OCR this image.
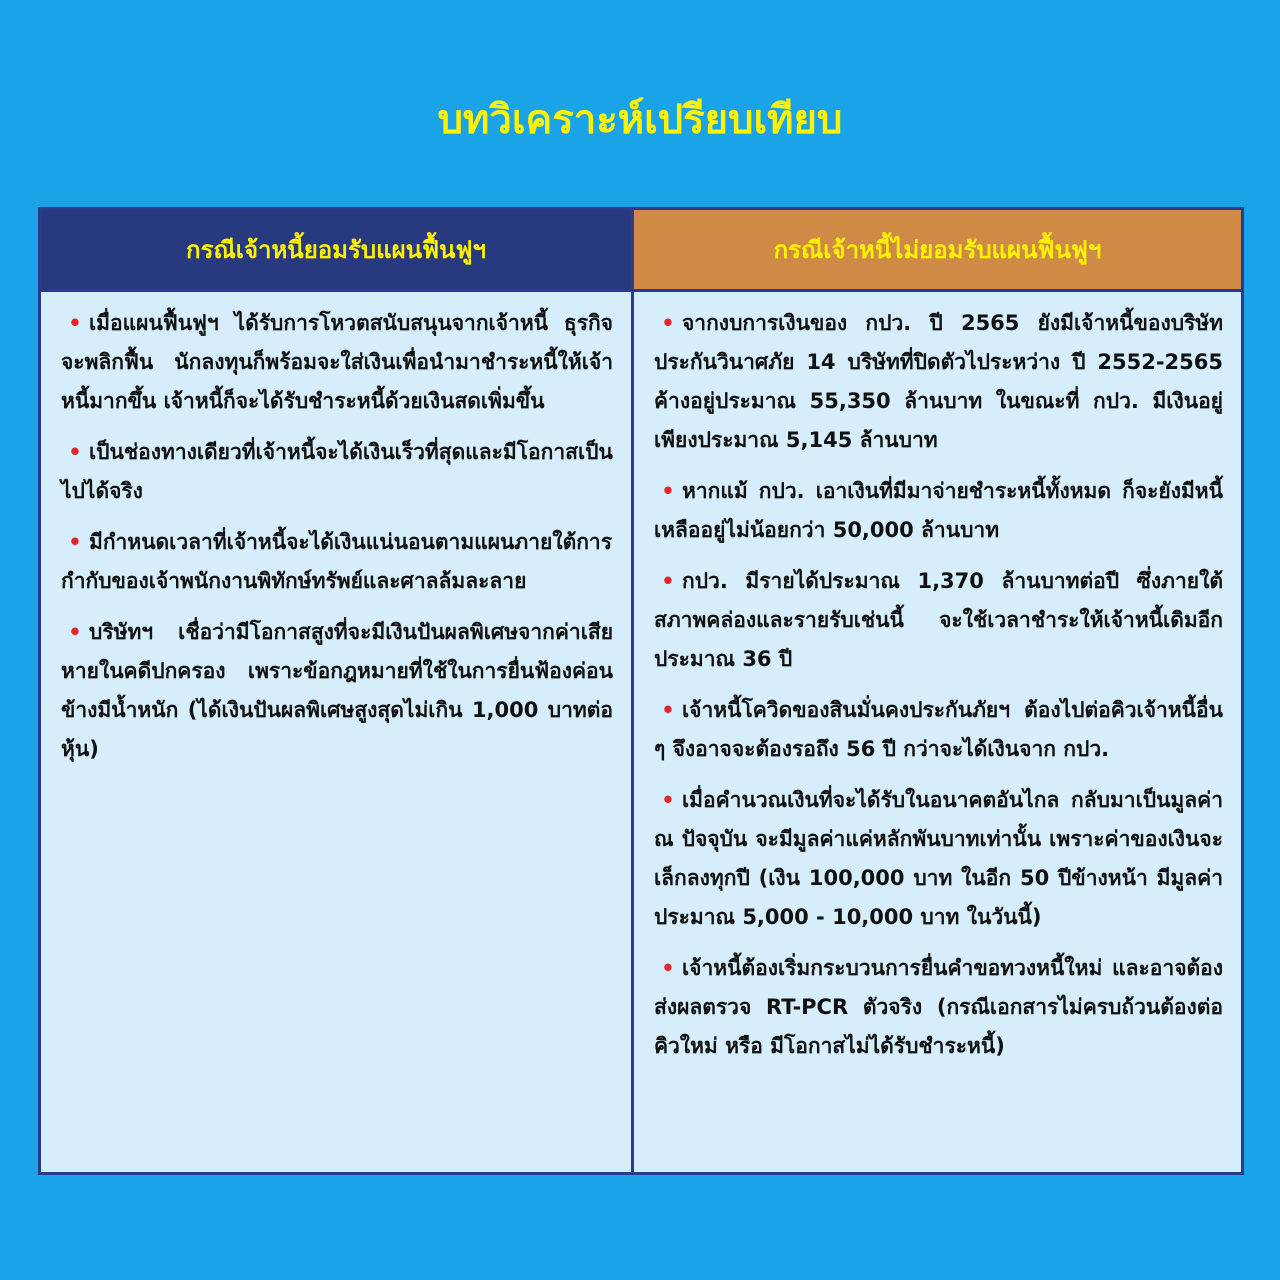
บทวิเคราะห์เปรียบเทียบ
กรณีเจ้าหนี้ยอมรับแผนฟื้นฟูฯ

• เมื่อแผนฟื้นฟูฯ ได้รับการโหวตสนับสนุนจากเจ้าหนี้ ธุรกิจจะพลิกฟื้น นักลงทุนก็พร้อมจะใส่เงินเพื่อนำมาชำระหนี้ให้เจ้าหนี้มากขึ้น เจ้าหนี้ก็จะได้รับชำระหนี้ด้วยเงินสดเพิ่มขึ้น

• เป็นช่องทางเดียวที่เจ้าหนี้จะได้เงินเร็วที่สุดและมีโอกาสเป็นไปได้จริง

• มีกำหนดเวลาที่เจ้าหนี้จะได้เงินแน่นอนตามแผนภายใต้การกำกับของเจ้าพนักงานพิทักษ์ทรัพย์และศาลล้มละลาย

• บริษัทฯ เชื่อว่ามีโอกาสสูงที่จะมีเงินปันผลพิเศษจากค่าเสียหายในคดีปกครอง เพราะข้อกฎหมายที่ใช้ในการยื่นฟ้องค่อนข้างมีน้ำหนัก (ได้เงินปันผลพิเศษสูงสุดไม่เกิน 1,000 บาทต่อหุ้น)

กรณีเจ้าหนี้ไม่ยอมรับแผนฟื้นฟูฯ

• จากงบการเงินของ กปว. ปี 2565 ยังมีเจ้าหนี้ของบริษัทประกันวินาศภัย 14 บริษัทที่ปิดตัวไประหว่าง ปี 2552-2565 ค้างอยู่ประมาณ 55,350 ล้านบาท ในขณะที่ กปว. มีเงินอยู่เพียงประมาณ 5,145 ล้านบาท

• หากแม้ กปว. เอาเงินที่มีมาจ่ายชำระหนี้ทั้งหมด ก็จะยังมีหนี้เหลืออยู่ไม่น้อยกว่า 50,000 ล้านบาท

• กปว. มีรายได้ประมาณ 1,370 ล้านบาทต่อปี ซึ่งภายใต้สภาพคล่องและรายรับเช่นนี้ จะใช้เวลาชำระให้เจ้าหนี้เดิมอีกประมาณ 36 ปี

• เจ้าหนี้โควิดของสินมั่นคงประกันภัยฯ ต้องไปต่อคิวเจ้าหนี้อื่น ๆ จึงอาจจะต้องรอถึง 56 ปี กว่าจะได้เงินจาก กปว.

• เมื่อคำนวณเงินที่จะได้รับในอนาคตอันไกล กลับมาเป็นมูลค่า ณ ปัจจุบัน จะมีมูลค่าแค่หลักพันบาทเท่านั้น เพราะค่าของเงินจะเล็กลงทุกปี (เงิน 100,000 บาท ในอีก 50 ปีข้างหน้า มีมูลค่าประมาณ 5,000 - 10,000 บาท ในวันนี้)

• เจ้าหนี้ต้องเริ่มกระบวนการยื่นคำขอทวงหนี้ใหม่ และอาจต้องส่งผลตรวจ RT-PCR ตัวจริง (กรณีเอกสารไม่ครบถ้วนต้องต่อคิวใหม่ หรือ มีโอกาสไม่ได้รับชำระหนี้)
